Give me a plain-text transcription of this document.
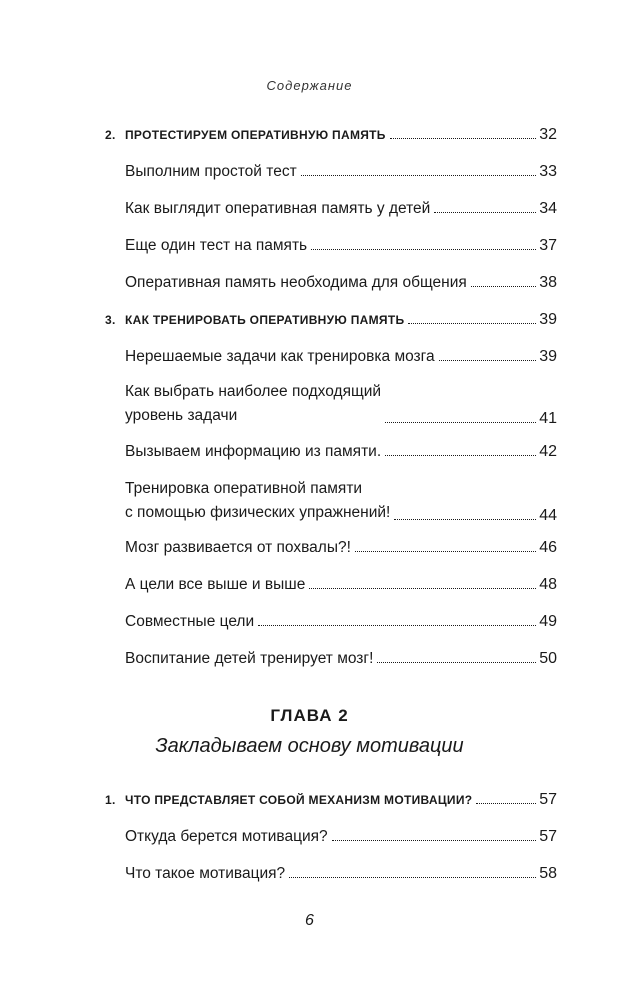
Содержание
2. ПРОТЕСТИРУЕМ ОПЕРАТИВНУЮ ПАМЯТЬ	32
Выполним простой тест	33
Как выглядит оперативная память у детей	34
Еще один тест на память	37
Оперативная память необходима для общения	38
3. КАК ТРЕНИРОВАТЬ ОПЕРАТИВНУЮ ПАМЯТЬ	39
Нерешаемые задачи как тренировка мозга	39
Как выбрать наиболее подходящий
уровень задачи	41
Вызываем информацию из памяти.	42
Тренировка оперативной памяти
с помощью физических упражнений!	44
Мозг развивается от похвалы?!	46
А цели все выше и выше	48
Совместные цели	49
Воспитание детей тренирует мозг!	50
1. ЧТО ПРЕДСТАВЛЯЕТ СОБОЙ МЕХАНИЗМ МОТИВАЦИИ?	57
Откуда берется мотивация?	57
Что такое мотивация?	58
ГЛАВА 2
Закладываем основу мотивации
6
